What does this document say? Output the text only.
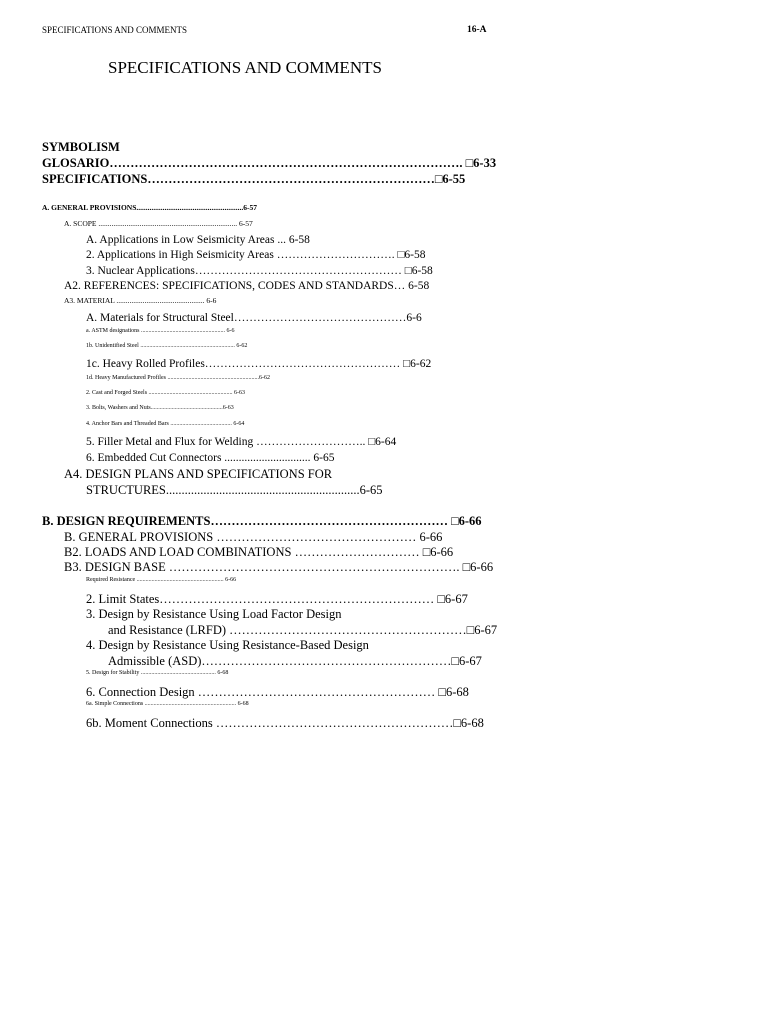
SPECIFICATIONS AND COMMENTS	16-A
SPECIFICATIONS AND COMMENTS
SYMBOLISM
GLOSARIO…………………………………………………………………………. □6-33
SPECIFICATIONS……………………………………………………………□6-55
A. GENERAL PROVISIONS.........................................................6-57
A. SCOPE .......................................................................... 6-57
A. Applications in Low Seismicity Areas ... 6-58
2. Applications in High Seismicity Areas …………………………. □6-58
3. Nuclear Applications……………………………………………… □6-58
A2. REFERENCES: SPECIFICATIONS, CODES AND STANDARDS… 6-58
A3. MATERIAL ............................................... 6-6
A. Materials for Structural Steel………………………………………6-6
a. ASTM designations ........................................................ 6-6
1b. Unidentified Steel ............................................................... 6-62
1c. Heavy Rolled Profiles…………………………………………… □6-62
1d. Heavy Manufactured Profiles .............................................................6-62
2. Cast and Forged Steels ........................................................ 6-63
3. Bolts, Washers and Nuts................................................6-63
4. Anchor Bars and Threaded Bars ......................................... 6-64
5. Filler Metal and Flux for Welding ……………………….. □6-64
6. Embedded Cut Connectors .............................. 6-65
A4. DESIGN PLANS AND SPECIFICATIONS FOR
STRUCTURES..............................................................6-65
B. DESIGN REQUIREMENTS………………………………………………… □6-66
B. GENERAL PROVISIONS ………………………………………… 6-66
B2. LOADS AND LOAD COMBINATIONS ………………………… □6-66
B3. DESIGN BASE ……………………………………………………………. □6-66
Required Resistance .......................................................... 6-66
2. Limit States………………………………………………………… □6-67
3. Design by Resistance Using Load Factor Design
and Resistance (LRFD) …………………………………………………□6-67
4. Design by Resistance Using Resistance-Based Design
Admissible (ASD)……………………………………………………□6-67
5. Design for Stability .................................................. 6-68
6. Connection Design ………………………………………………… □6-68
6a. Simple Connections ............................................................. 6-68
6b. Moment Connections …………………………………………………□6-68
